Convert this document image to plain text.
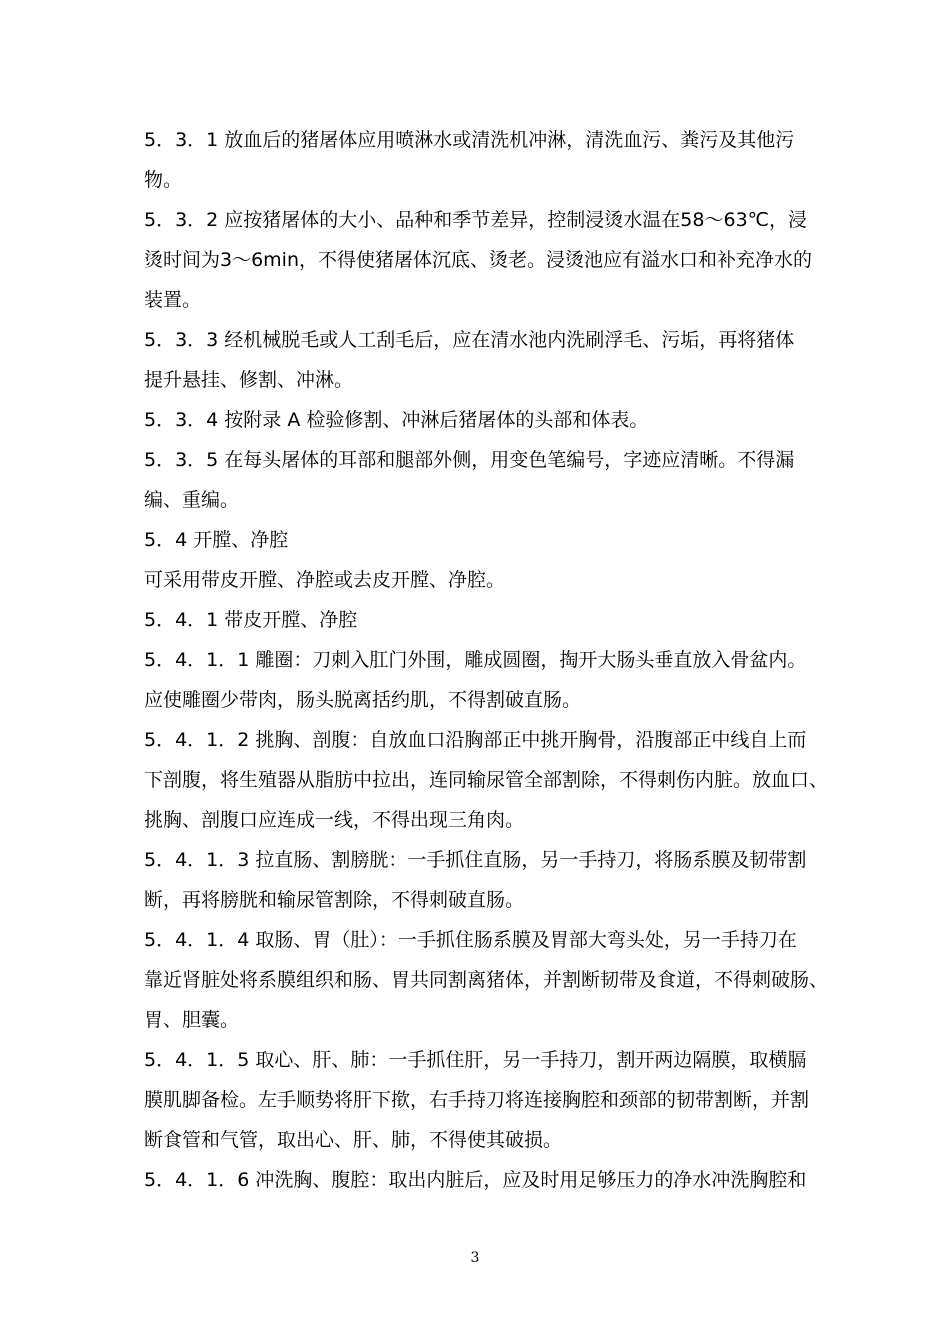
5．3．1 放血后的猪屠体应用喷淋水或清洗机冲淋，清洗血污、粪污及其他污
物。

5．3．2 应按猪屠体的大小、品种和季节差异，控制浸烫水温在58～63℃，浸
烫时间为3～6min，不得使猪屠体沉底、烫老。浸烫池应有溢水口和补充净水的
装置。

5．3．3 经机械脱毛或人工刮毛后，应在清水池内洗刷浮毛、污垢，再将猪体
提升悬挂、修割、冲淋。

5．3．4 按附录 A 检验修割、冲淋后猪屠体的头部和体表。

5．3．5 在每头屠体的耳部和腿部外侧，用变色笔编号，字迹应清晰。不得漏
编、重编。

5．4 开膛、净腔

可采用带皮开膛、净腔或去皮开膛、净腔。

5．4．1 带皮开膛、净腔

5．4．1．1 雕圈：刀刺入肛门外围，雕成圆圈，掏开大肠头垂直放入骨盆内。
应使雕圈少带肉，肠头脱离括约肌，不得割破直肠。

5．4．1．2 挑胸、剖腹：自放血口沿胸部正中挑开胸骨，沿腹部正中线自上而
下剖腹，将生殖器从脂肪中拉出，连同输尿管全部割除，不得刺伤内脏。放血口、
挑胸、剖腹口应连成一线，不得出现三角肉。

5．4．1．3 拉直肠、割膀胱：一手抓住直肠，另一手持刀，将肠系膜及韧带割
断，再将膀胱和输尿管割除，不得刺破直肠。

5．4．1．4 取肠、胃（肚）：一手抓住肠系膜及胃部大弯头处，另一手持刀在
靠近肾脏处将系膜组织和肠、胃共同割离猪体，并割断韧带及食道，不得刺破肠、
胃、胆囊。

5．4．1．5 取心、肝、肺：一手抓住肝，另一手持刀，割开两边隔膜，取横膈
膜肌脚备检。左手顺势将肝下揿，右手持刀将连接胸腔和颈部的韧带割断，并割
断食管和气管，取出心、肝、肺，不得使其破损。

5．4．1．6 冲洗胸、腹腔：取出内脏后，应及时用足够压力的净水冲洗胸腔和

3
